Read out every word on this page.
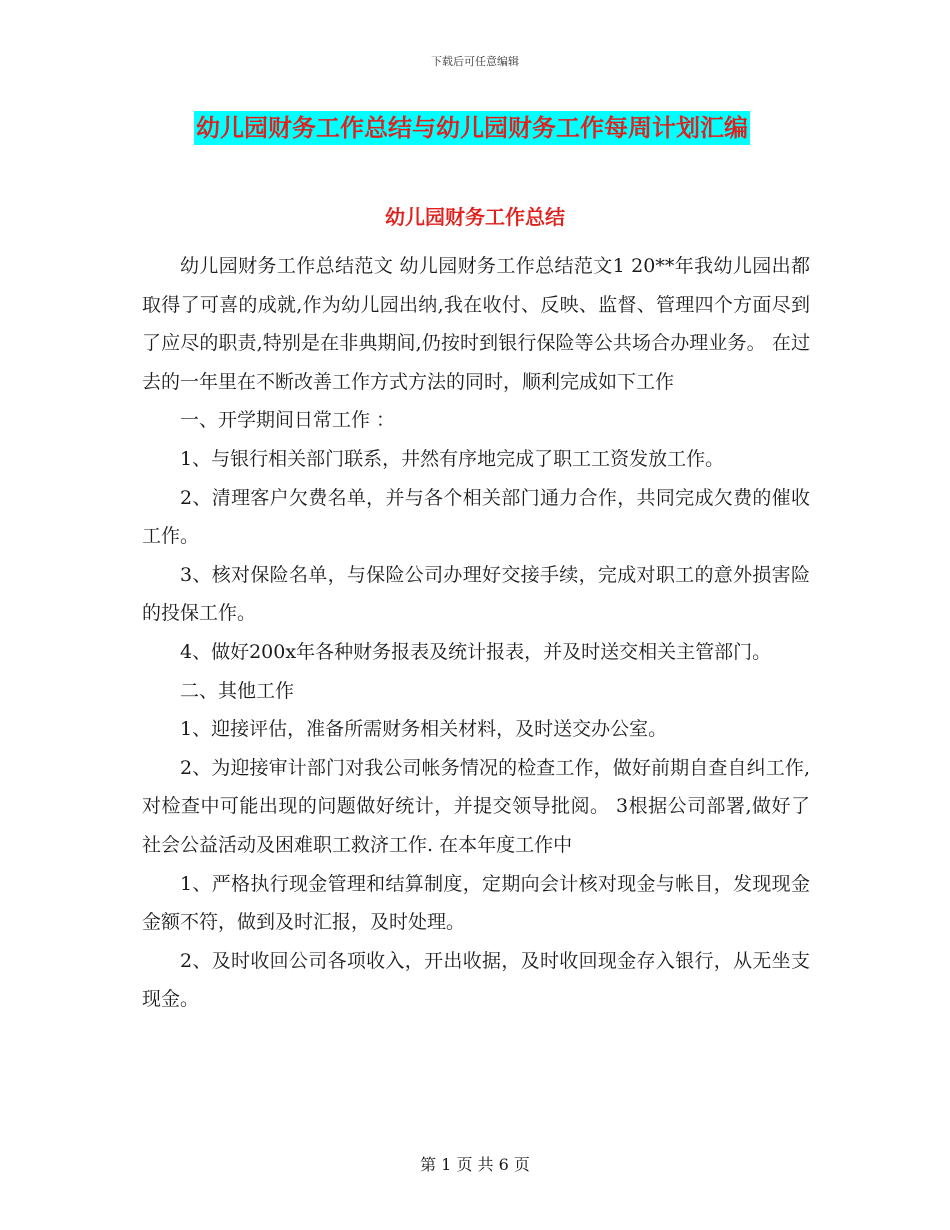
下载后可任意编辑
幼儿园财务工作总结与幼儿园财务工作每周计划汇编
幼儿园财务工作总结

幼儿园财务工作总结范文 幼儿园财务工作总结范文1 20**年我幼儿园出都取得了可喜的成就,作为幼儿园出纳,我在收付、反映、监督、管理四个方面尽到了应尽的职责,特别是在非典期间,仍按时到银行保险等公共场合办理业务。 在过去的一年里在不断改善工作方式方法的同时，顺利完成如下工作

一、开学期间日常工作 ：

1、与银行相关部门联系，井然有序地完成了职工工资发放工作。

2、清理客户欠费名单，并与各个相关部门通力合作，共同完成欠费的催收工作。

3、核对保险名单，与保险公司办理好交接手续，完成对职工的意外损害险的投保工作。

4、做好200x年各种财务报表及统计报表，并及时送交相关主管部门。

二、其他工作

1、迎接评估，准备所需财务相关材料，及时送交办公室。

2、为迎接审计部门对我公司帐务情况的检查工作，做好前期自查自纠工作,对检查中可能出现的问题做好统计，并提交领导批阅。 3根据公司部署,做好了社会公益活动及困难职工救济工作. 在本年度工作中

1、严格执行现金管理和结算制度，定期向会计核对现金与帐目，发现现金金额不符，做到及时汇报，及时处理。

2、及时收回公司各项收入，开出收据，及时收回现金存入银行，从无坐支现金。

第 1 页 共 6 页
